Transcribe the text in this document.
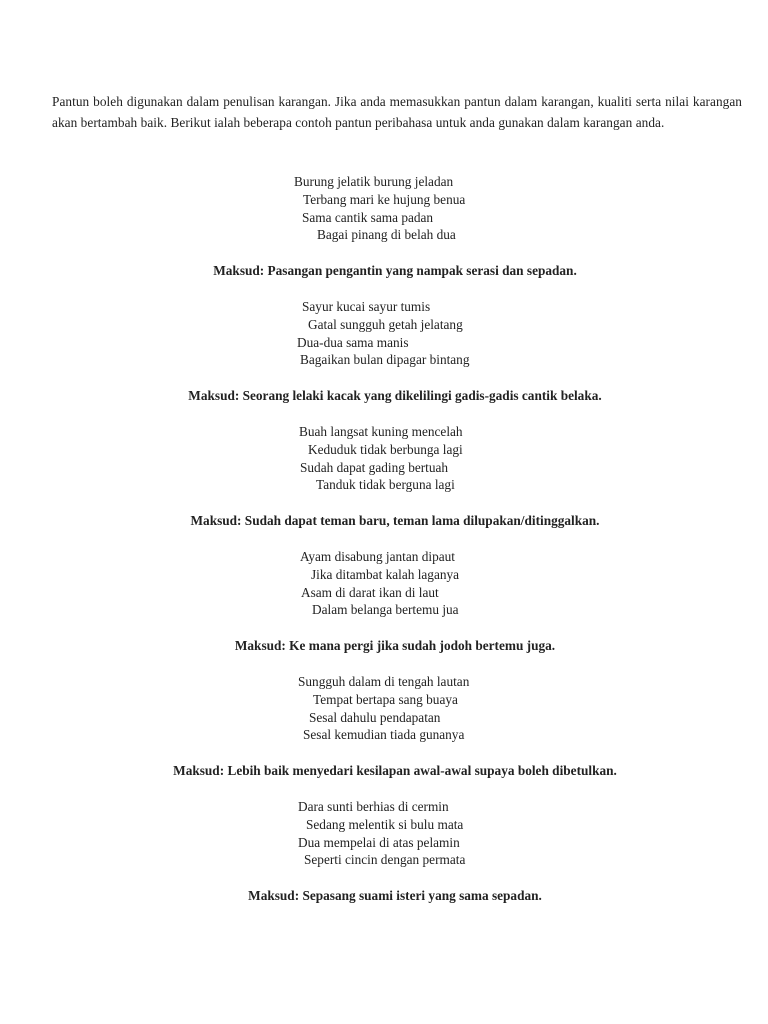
Pantun boleh digunakan dalam penulisan karangan. Jika anda memasukkan pantun dalam karangan, kualiti serta nilai karangan akan bertambah baik. Berikut ialah beberapa contoh pantun peribahasa untuk anda gunakan dalam karangan anda.

Burung jelatik burung jeladan
Terbang mari ke hujung benua
Sama cantik sama padan
Bagai pinang di belah dua
Maksud: Pasangan pengantin yang nampak serasi dan sepadan.
Sayur kucai sayur tumis
Gatal sungguh getah jelatang
Dua-dua sama manis
Bagaikan bulan dipagar bintang
Maksud: Seorang lelaki kacak yang dikelilingi gadis-gadis cantik belaka.
Buah langsat kuning mencelah
Keduduk tidak berbunga lagi
Sudah dapat gading bertuah
Tanduk tidak berguna lagi
Maksud: Sudah dapat teman baru, teman lama dilupakan/ditinggalkan.
Ayam disabung jantan dipaut
Jika ditambat kalah laganya
Asam di darat ikan di laut
Dalam belanga bertemu jua
Maksud: Ke mana pergi jika sudah jodoh bertemu juga.
Sungguh dalam di tengah lautan
Tempat bertapa sang buaya
Sesal dahulu pendapatan
Sesal kemudian tiada gunanya
Maksud: Lebih baik menyedari kesilapan awal-awal supaya boleh dibetulkan.
Dara sunti berhias di cermin
Sedang melentik si bulu mata
Dua mempelai di atas pelamin
Seperti cincin dengan permata
Maksud: Sepasang suami isteri yang sama sepadan.
